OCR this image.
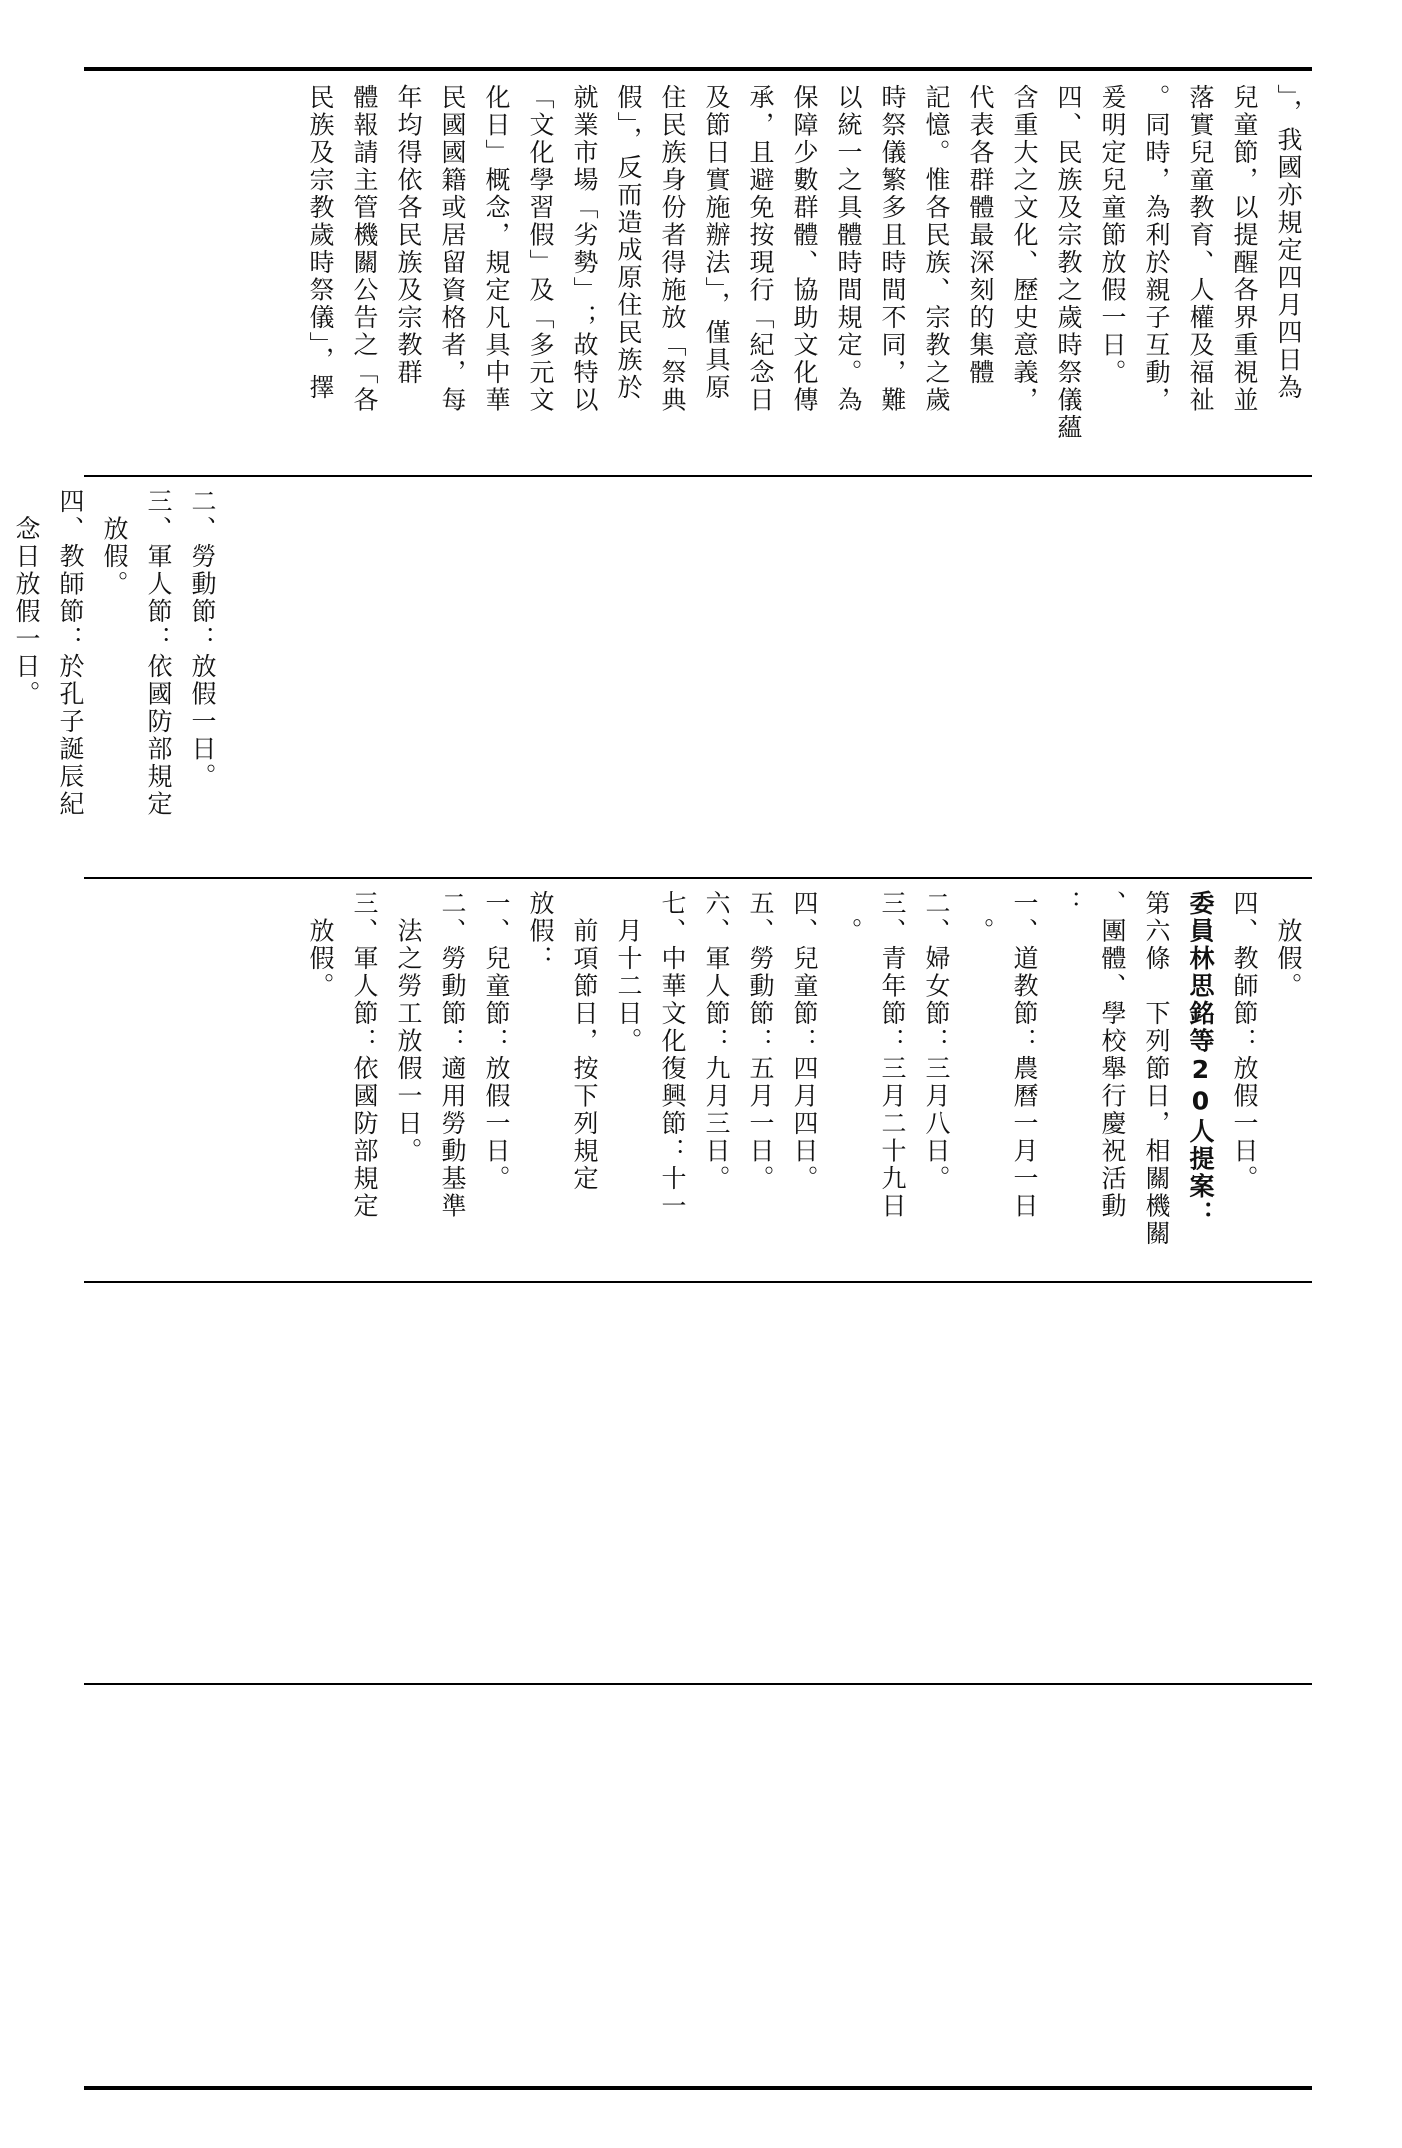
」，我國亦規定四月四日為
兒童節，以提醒各界重視並
落實兒童教育、人權及福祉
。同時，為利於親子互動，
爰明定兒童節放假一日。
四、民族及宗教之歲時祭儀蘊
含重大之文化、歷史意義，
代表各群體最深刻的集體
記憶。惟各民族、宗教之歲
時祭儀繁多且時間不同，難
以統一之具體時間規定。為
保障少數群體、協助文化傳
承，且避免按現行「紀念日
及節日實施辦法」，僅具原
住民族身份者得施放「祭典
假」，反而造成原住民族於
就業市場「劣勢」；故特以
「文化學習假」及「多元文
化日」概念，規定凡具中華
民國國籍或居留資格者，每
年均得依各民族及宗教群
體報請主管機關公告之「各
民族及宗教歲時祭儀」，擇
二、勞動節：放假一日。
三、軍人節：依國防部規定
　放假。
四、教師節：於孔子誕辰紀
　念日放假一日。
　放假。
四、教師節：放假一日。
委員林思銘等20人提案：
第六條　下列節日，相關機關
、團體、學校舉行慶祝活動
：
一、道教節：農曆一月一日
　。
二、婦女節：三月八日。
三、青年節：三月二十九日
　。
四、兒童節：四月四日。
五、勞動節：五月一日。
六、軍人節：九月三日。
七、中華文化復興節：十一
　月十二日。
　前項節日，按下列規定
放假：
一、兒童節：放假一日。
二、勞動節：適用勞動基準
　法之勞工放假一日。
三、軍人節：依國防部規定
　放假。
